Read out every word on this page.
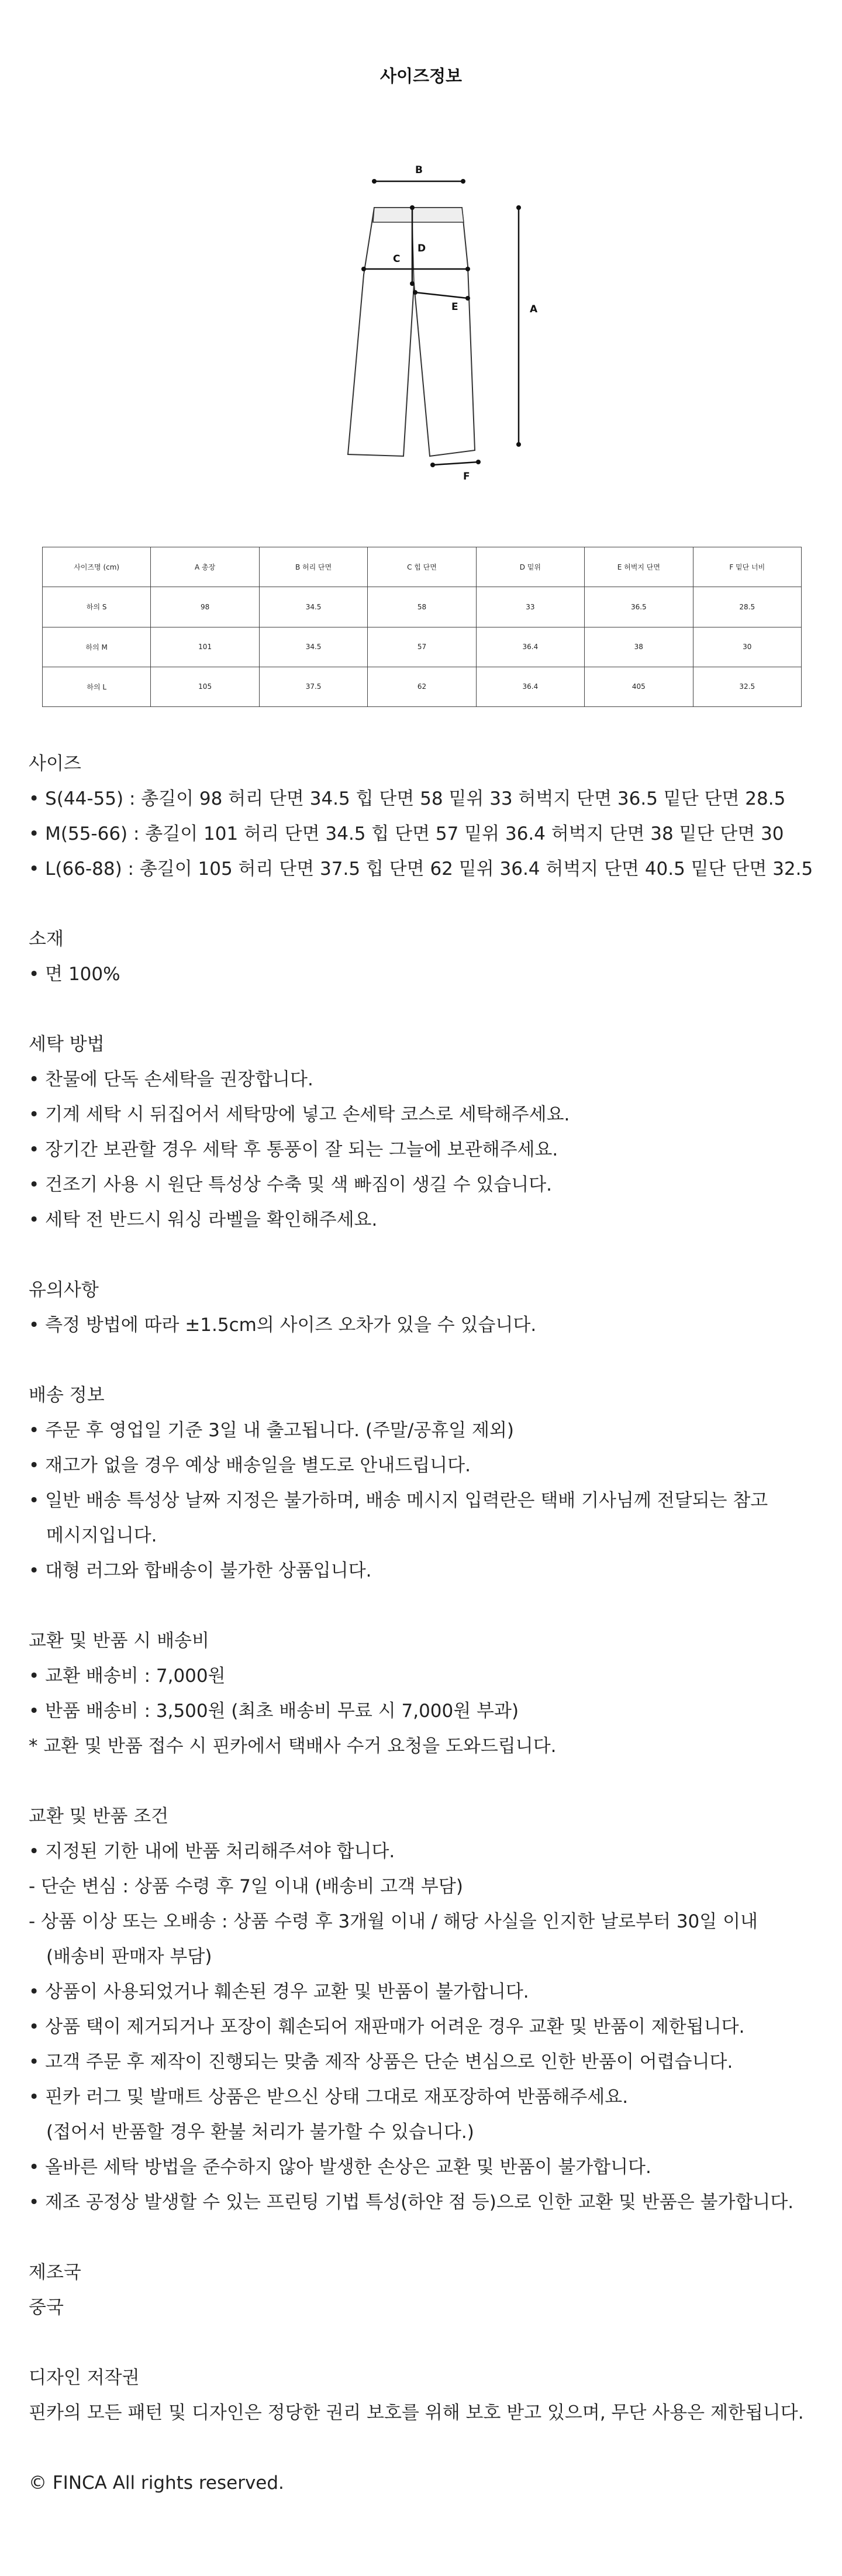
사이즈정보
B
C
D
E	A
F
사이즈명 (cm)	A 총장	B 허리 단면	C 힙 단면	D 밑위	E 허벅지 단면	F 밑단 너비
하의 S	98	34.5	58	33	36.5	28.5
하의 M	101	34.5	57	36.4	38	30
하의 L	105	37.5	62	36.4	405	32.5
사이즈
• S(44-55) : 총길이 98 허리 단면 34.5 힙 단면 58 밑위 33 허벅지 단면 36.5 밑단 단면 28.5
• M(55-66) : 총길이 101 허리 단면 34.5 힙 단면 57 밑위 36.4 허벅지 단면 38 밑단 단면 30
• L(66-88) : 총길이 105 허리 단면 37.5 힙 단면 62 밑위 36.4 허벅지 단면 40.5 밑단 단면 32.5
소재
• 면 100%
세탁 방법
• 찬물에 단독 손세탁을 권장합니다.
• 기계 세탁 시 뒤집어서 세탁망에 넣고 손세탁 코스로 세탁해주세요.
• 장기간 보관할 경우 세탁 후 통풍이 잘 되는 그늘에 보관해주세요.
• 건조기 사용 시 원단 특성상 수축 및 색 빠짐이 생길 수 있습니다.
• 세탁 전 반드시 워싱 라벨을 확인해주세요.
유의사항
• 측정 방법에 따라 ±1.5cm의 사이즈 오차가 있을 수 있습니다.
배송 정보
• 주문 후 영업일 기준 3일 내 출고됩니다. (주말/공휴일 제외)
• 재고가 없을 경우 예상 배송일을 별도로 안내드립니다.
• 일반 배송 특성상 날짜 지정은 불가하며, 배송 메시지 입력란은 택배 기사님께 전달되는 참고
메시지입니다.
• 대형 러그와 합배송이 불가한 상품입니다.
교환 및 반품 시 배송비
• 교환 배송비 : 7,000원
• 반품 배송비 : 3,500원 (최초 배송비 무료 시 7,000원 부과)
* 교환 및 반품 접수 시 핀카에서 택배사 수거 요청을 도와드립니다.
교환 및 반품 조건
• 지정된 기한 내에 반품 처리해주셔야 합니다.
- 단순 변심 : 상품 수령 후 7일 이내 (배송비 고객 부담)
- 상품 이상 또는 오배송 : 상품 수령 후 3개월 이내 / 해당 사실을 인지한 날로부터 30일 이내
(배송비 판매자 부담)
• 상품이 사용되었거나 훼손된 경우 교환 및 반품이 불가합니다.
• 상품 택이 제거되거나 포장이 훼손되어 재판매가 어려운 경우 교환 및 반품이 제한됩니다.
• 고객 주문 후 제작이 진행되는 맞춤 제작 상품은 단순 변심으로 인한 반품이 어렵습니다.
• 핀카 러그 및 발매트 상품은 받으신 상태 그대로 재포장하여 반품해주세요.
(접어서 반품할 경우 환불 처리가 불가할 수 있습니다.)
• 올바른 세탁 방법을 준수하지 않아 발생한 손상은 교환 및 반품이 불가합니다.
• 제조 공정상 발생할 수 있는 프린팅 기법 특성(하얀 점 등)으로 인한 교환 및 반품은 불가합니다.
제조국
중국
디자인 저작권
핀카의 모든 패턴 및 디자인은 정당한 권리 보호를 위해 보호 받고 있으며, 무단 사용은 제한됩니다.
© FINCA All rights reserved.
